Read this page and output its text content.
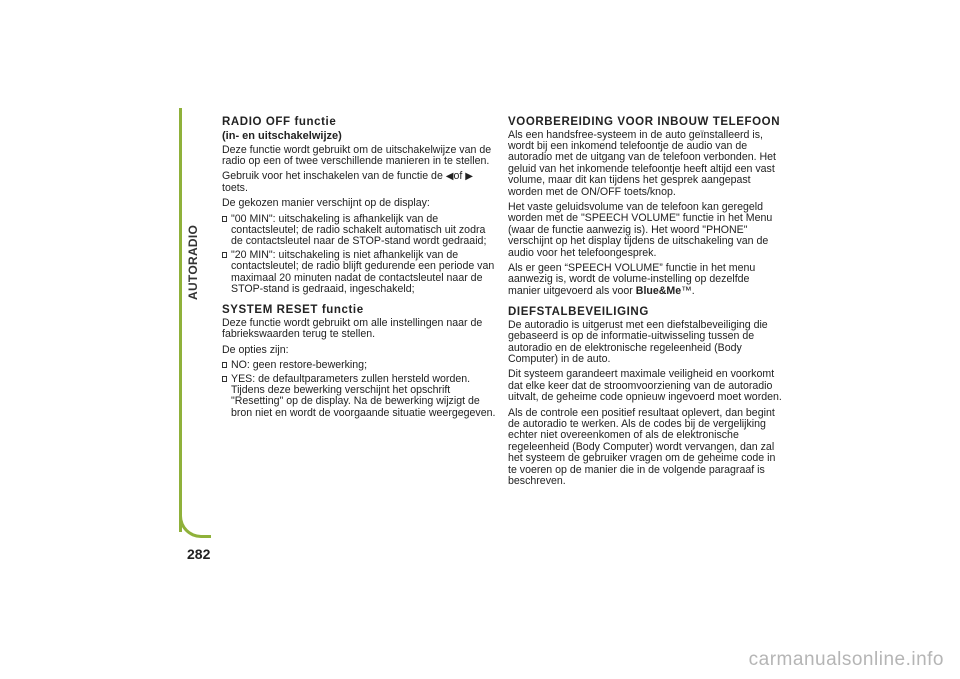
AUTORADIO
282
RADIO OFF functie
(in- en uitschakelwijze)

Deze functie wordt gebruikt om de uitschakelwijze van de radio op een of twee verschillende manieren in te stellen.

Gebruik voor het inschakelen van de functie de ◀of ▶ toets.

De gekozen manier verschijnt op de display:

"00 MIN": uitschakeling is afhankelijk van de contactsleutel; de radio schakelt automatisch uit zodra de contactsleutel naar de STOP-stand wordt gedraaid;
"20 MIN": uitschakeling is niet afhankelijk van de contactsleutel; de radio blijft gedurende een periode van maximaal 20 minuten nadat de contactsleutel naar de STOP-stand is gedraaid, ingeschakeld;
SYSTEM RESET functie

Deze functie wordt gebruikt om alle instellingen naar de fabriekswaarden terug te stellen.

De opties zijn:

NO: geen restore-bewerking;
YES: de defaultparameters zullen hersteld worden. Tijdens deze bewerking verschijnt het opschrift "Resetting" op de display. Na de bewerking wijzigt de bron niet en wordt de voorgaande situatie weergegeven.
VOORBEREIDING VOOR INBOUW TELEFOON

Als een handsfree-systeem in de auto geïnstalleerd is, wordt bij een inkomend telefoontje de audio van de autoradio met de uitgang van de telefoon verbonden. Het geluid van het inkomende telefoontje heeft altijd een vast volume, maar dit kan tijdens het gesprek aangepast worden met de ON/OFF toets/knop.

Het vaste geluidsvolume van de telefoon kan geregeld worden met de "SPEECH VOLUME" functie in het Menu (waar de functie aanwezig is). Het woord "PHONE" verschijnt op het display tijdens de uitschakeling van de audio voor het telefoongesprek.

Als er geen “SPEECH VOLUME” functie in het menu aanwezig is, wordt de volume-instelling op dezelfde manier uitgevoerd als voor Blue&Me™.

DIEFSTALBEVEILIGING

De autoradio is uitgerust met een diefstalbeveiliging die gebaseerd is op de informatie-uitwisseling tussen de autoradio en de elektronische regeleenheid (Body Computer) in de auto.

Dit systeem garandeert maximale veiligheid en voorkomt dat elke keer dat de stroomvoorziening van de autoradio uitvalt, de geheime code opnieuw ingevoerd moet worden.

Als de controle een positief resultaat oplevert, dan begint de autoradio te werken. Als de codes bij de vergelijking echter niet overeenkomen of als de elektronische regeleenheid (Body Computer) wordt vervangen, dan zal het systeem de gebruiker vragen om de geheime code in te voeren op de manier die in de volgende paragraaf is beschreven.

carmanualsonline.info
